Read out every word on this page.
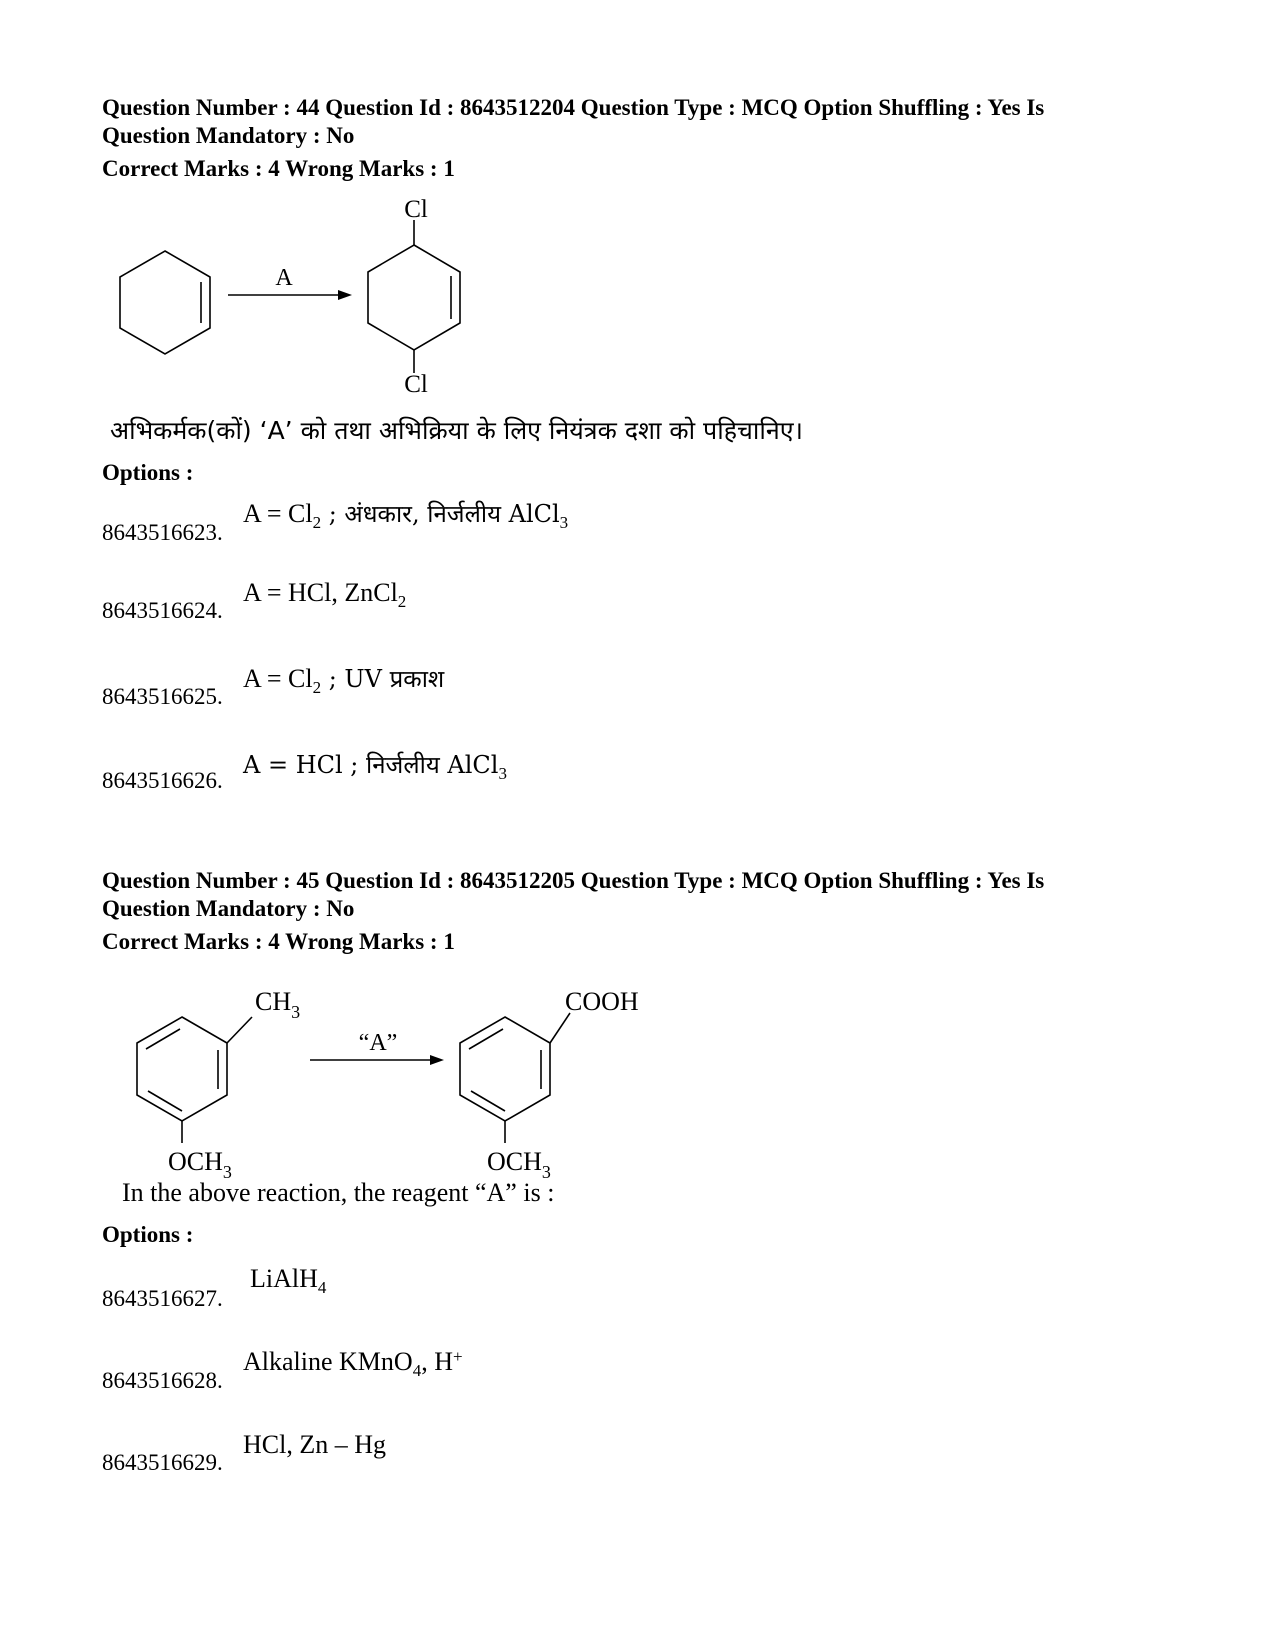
Question Number : 44 Question Id : 8643512204 Question Type : MCQ Option Shuffling : Yes Is
Question Mandatory : No
Correct Marks : 4 Wrong Marks : 1
A
Cl
Cl
अभिकर्मक(कों) ‘A’ को तथा अभिक्रिया के लिए नियंत्रक दशा को पहिचानिए।
Options :
8643516623.
$A = Cl_2$ ; अंधकार, निर्जलीय AlCl$_3$
8643516624.
A = HCl, ZnCl$_2$
8643516625.
$A = Cl_2$ ; UV प्रकाश
8643516626.
A = HCl ; निर्जलीय AlCl$_3$
Question Number : 45 Question Id : 8643512205 Question Type : MCQ Option Shuffling : Yes Is
Question Mandatory : No
Correct Marks : 4 Wrong Marks : 1
$CH_3$
$OCH_3$
“A”
COOH
$OCH_3$
In the above reaction, the reagent “A” is :
Options :
8643516627.
LiAlH$_4$
8643516628.
Alkaline KMnO$_4$, H+
8643516629.
HCl, Zn – Hg
